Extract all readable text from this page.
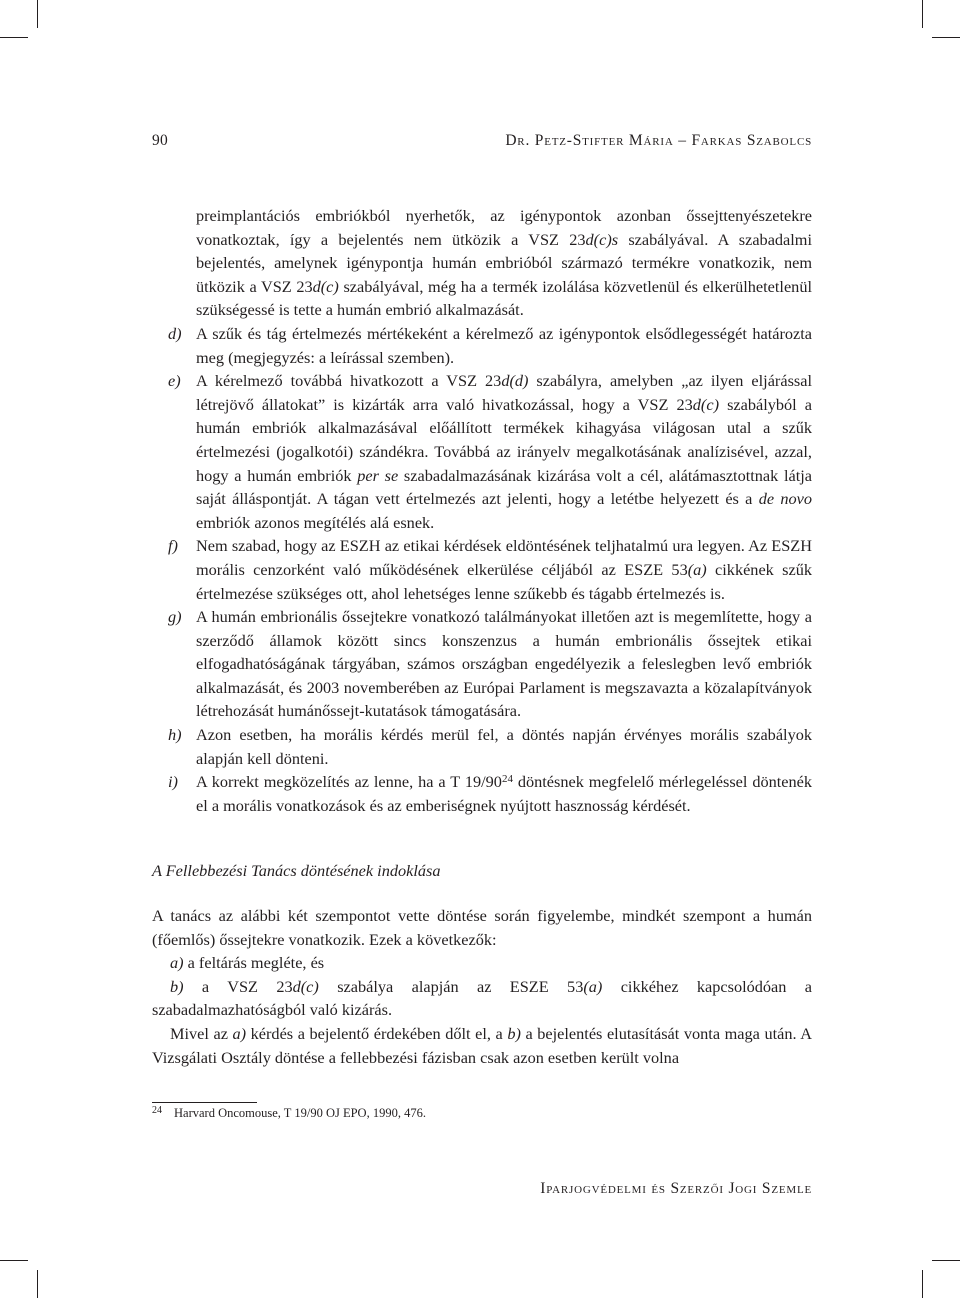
90	Dr. Petz-Stifter Mária – Farkas Szabolcs
preimplantációs embriókból nyerhetők, az igénypontok azonban őssejttenyészetekre vonatkoztak, így a bejelentés nem ütközik a VSZ 23d(c)s szabályával. A szabadalmi bejelentés, amelynek igénypontja humán embrióból származó termékre vonatkozik, nem ütközik a VSZ 23d(c) szabályával, még ha a termék izolálása közvetlenül és elkerülhetetlenül szükségessé is tette a humán embrió alkalmazását.
d) A szűk és tág értelmezés mértékeként a kérelmező az igénypontok elsődlegességét határozta meg (megjegyzés: a leírással szemben).
e) A kérelmező továbbá hivatkozott a VSZ 23d(d) szabályra, amelyben „az ilyen eljárással létrejövő állatokat” is kizárták arra való hivatkozással, hogy a VSZ 23d(c) szabályból a humán embriók alkalmazásával előállított termékek kihagyása világosan utal a szűk értelmezési (jogalkotói) szándékra. Továbbá az irányelv megalkotásának analízisével, azzal, hogy a humán embriók per se szabadalmazásának kizárása volt a cél, alátámasztottnak látja saját álláspontját. A tágan vett értelmezés azt jelenti, hogy a letétbe helyezett és a de novo embriók azonos megítélés alá esnek.
f) Nem szabad, hogy az ESZH az etikai kérdések eldöntésének teljhatalmú ura legyen. Az ESZH morális cenzorként való működésének elkerülése céljából az ESZE 53(a) cikkének szűk értelmezése szükséges ott, ahol lehetséges lenne szűkebb és tágabb értelmezés is.
g) A humán embrionális őssejtekre vonatkozó találmányokat illetően azt is megemlítette, hogy a szerződő államok között sincs konszenzus a humán embrionális őssejtek etikai elfogadhatóságának tárgyában, számos országban engedélyezik a feleslegben levő embriók alkalmazását, és 2003 novemberében az Európai Parlament is megszavazta a közalapítványok létrehozását humánőssejt-kutatások támogatására.
h) Azon esetben, ha morális kérdés merül fel, a döntés napján érvényes morális szabályok alapján kell dönteni.
i) A korrekt megközelítés az lenne, ha a T $19/90^{24}$ döntésnek megfelelő mérlegeléssel döntenék el a morális vonatkozások és az emberiségnek nyújtott hasznosság kérdését.
A Fellebbezési Tanács döntésének indoklása
A tanács az alábbi két szempontot vette döntése során figyelembe, mindkét szempont a humán (főemlős) őssejtekre vonatkozik. Ezek a következők:
a) a feltárás megléte, és
b) a VSZ 23d(c) szabálya alapján az ESZE 53(a) cikkéhez kapcsolódóan a szabadalmazhatóságból való kizárás.
Mivel az a) kérdés a bejelentő érdekében dőlt el, a b) a bejelentés elutasítását vonta maga után. A Vizsgálati Osztály döntése a fellebbezési fázisban csak azon esetben került volna
$^{24}$ Harvard Oncomouse, T 19/90 OJ EPO, 1990, 476.
Iparjogvédelmi és Szerzői Jogi Szemle
